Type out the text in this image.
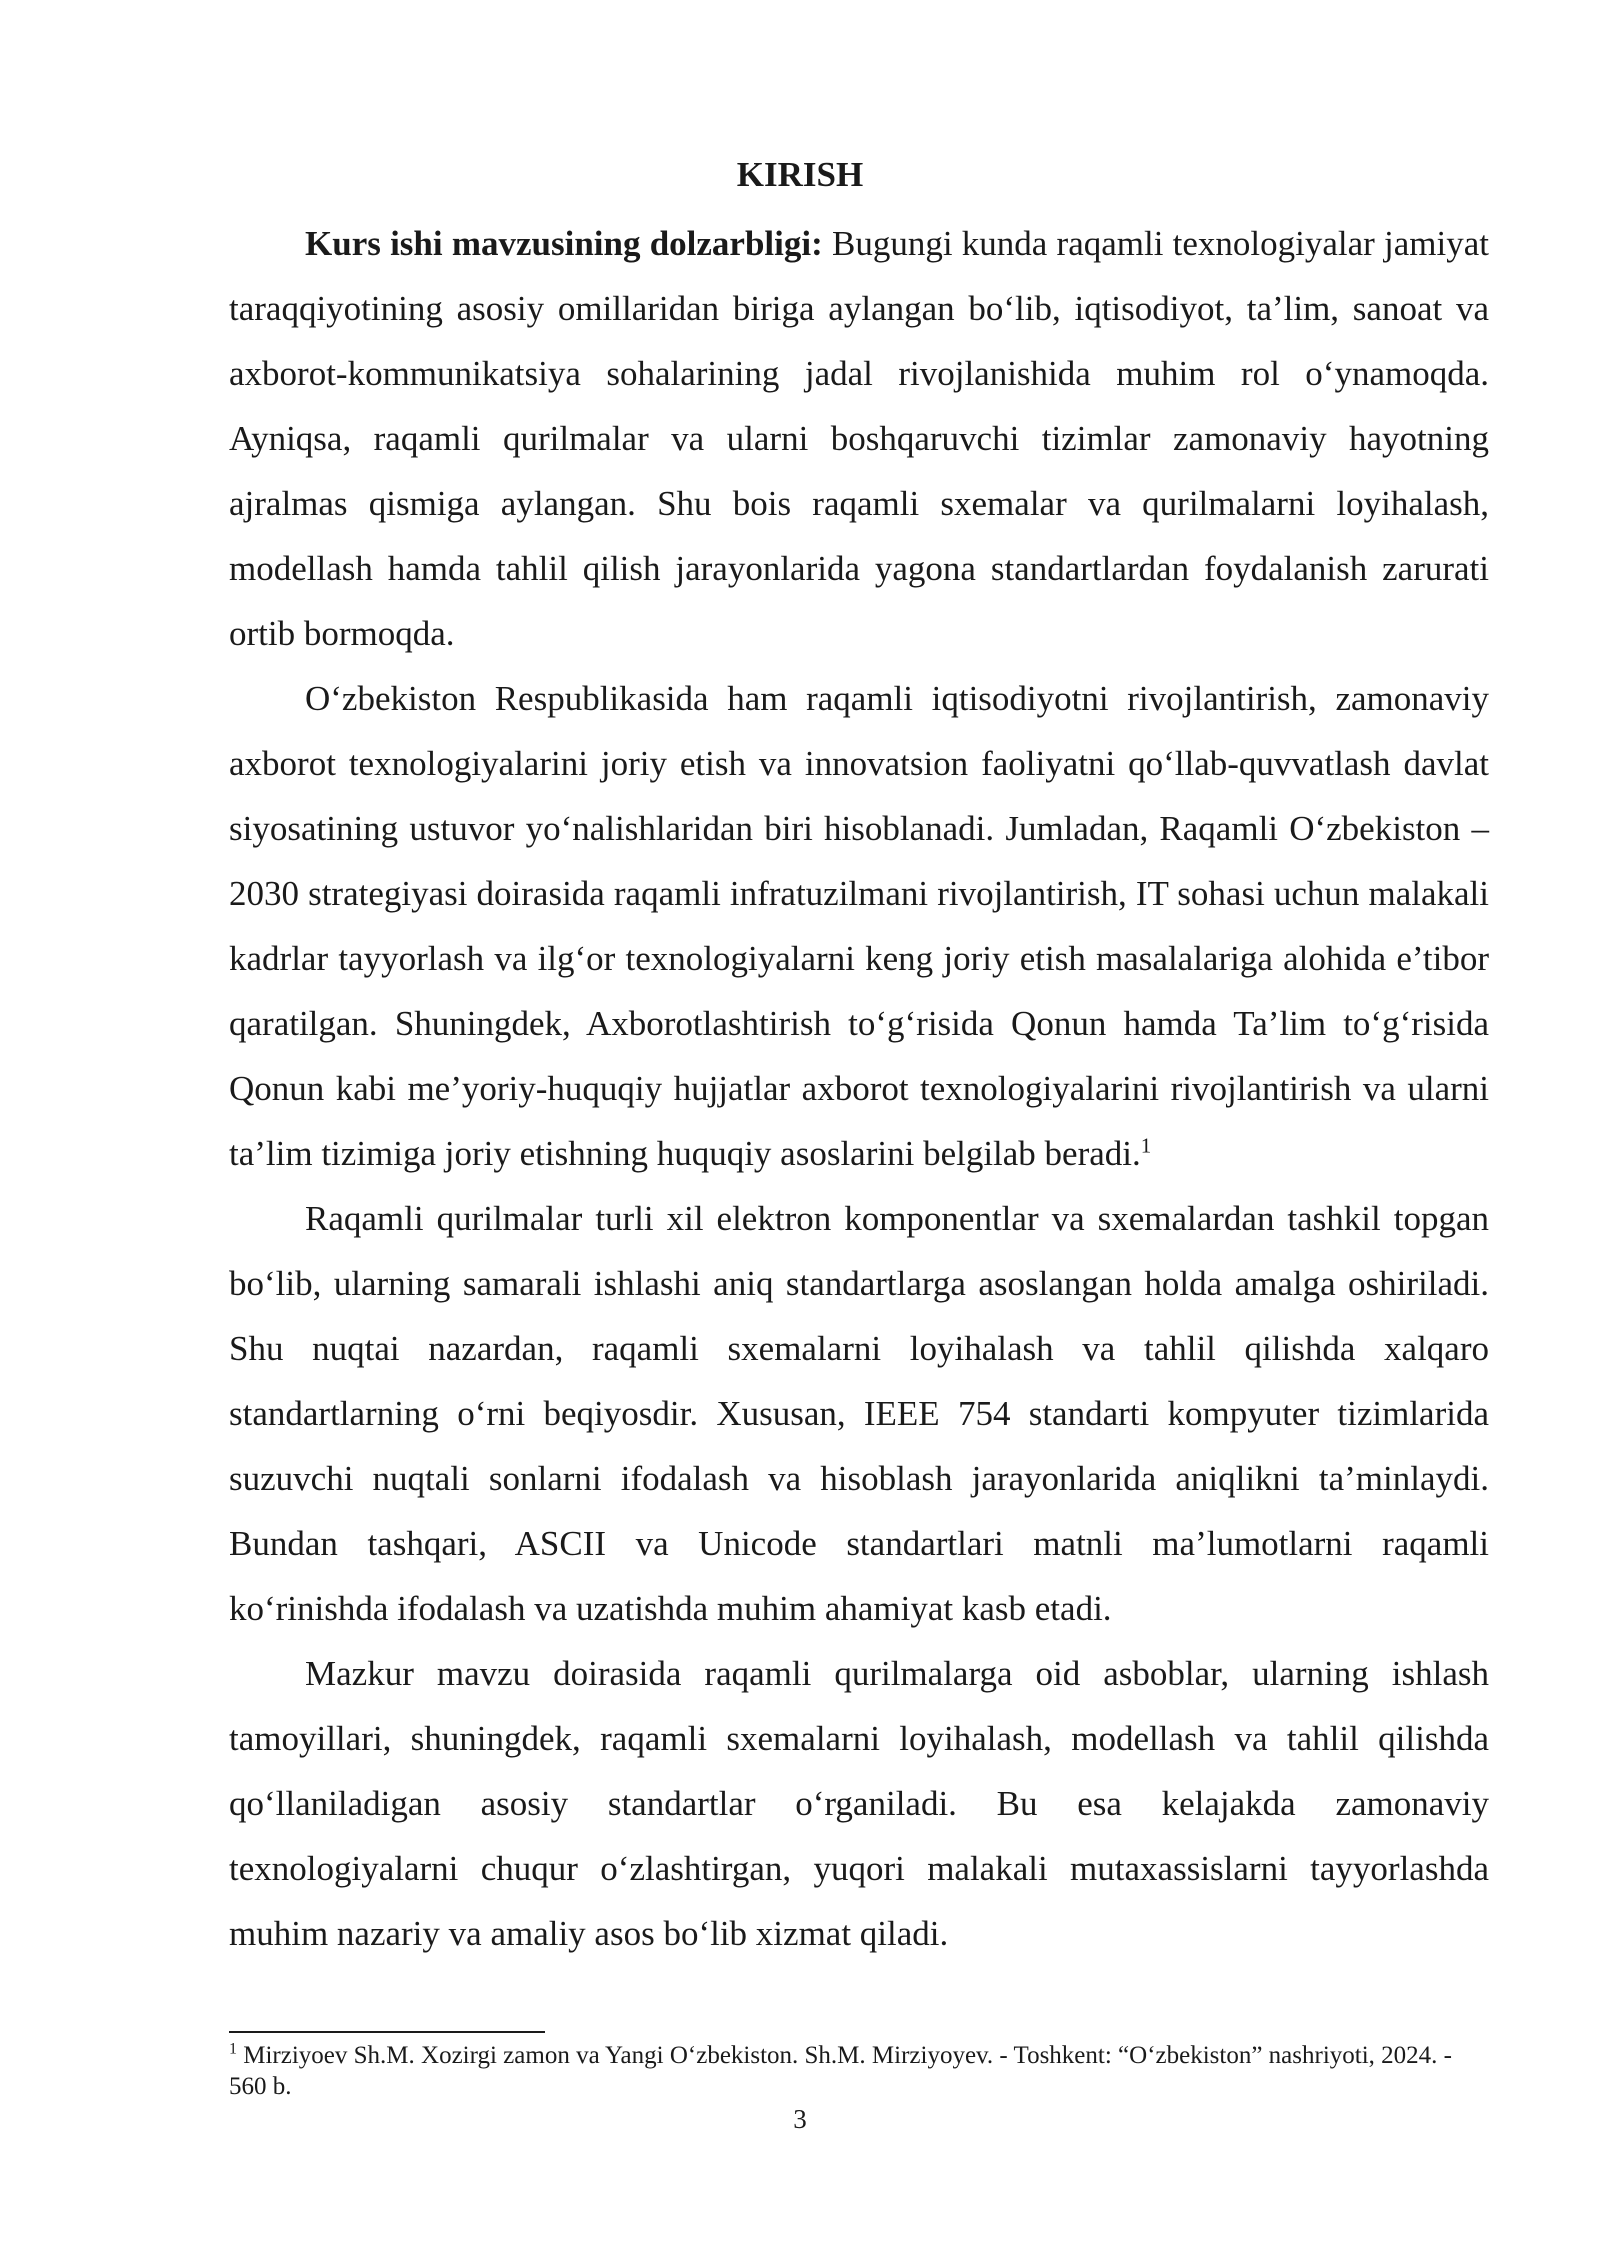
KIRISH

Kurs ishi mavzusining dolzarbligi: Bugungi kunda raqamli texnologiyalar jamiyat taraqqiyotining asosiy omillaridan biriga aylangan bo‘lib, iqtisodiyot, ta’lim, sanoat va axborot-kommunikatsiya sohalarining jadal rivojlanishida muhim rol o‘ynamoqda. Ayniqsa, raqamli qurilmalar va ularni boshqaruvchi tizimlar zamonaviy hayotning ajralmas qismiga aylangan. Shu bois raqamli sxemalar va qurilmalarni loyihalash, modellash hamda tahlil qilish jarayonlarida yagona standartlardan foydalanish zarurati ortib bormoqda.

O‘zbekiston Respublikasida ham raqamli iqtisodiyotni rivojlantirish, zamonaviy axborot texnologiyalarini joriy etish va innovatsion faoliyatni qo‘llab-quvvatlash davlat siyosatining ustuvor yo‘nalishlaridan biri hisoblanadi. Jumladan, Raqamli O‘zbekiston – 2030 strategiyasi doirasida raqamli infratuzilmani rivojlantirish, IT sohasi uchun malakali kadrlar tayyorlash va ilg‘or texnologiyalarni keng joriy etish masalalariga alohida e’tibor qaratilgan. Shuningdek, Axborotlashtirish to‘g‘risida Qonun hamda Ta’lim to‘g‘risida Qonun kabi me’yoriy-huquqiy hujjatlar axborot texnologiyalarini rivojlantirish va ularni ta’lim tizimiga joriy etishning huquqiy asoslarini belgilab beradi.$^1$

Raqamli qurilmalar turli xil elektron komponentlar va sxemalardan tashkil topgan bo‘lib, ularning samarali ishlashi aniq standartlarga asoslangan holda amalga oshiriladi. Shu nuqtai nazardan, raqamli sxemalarni loyihalash va tahlil qilishda xalqaro standartlarning o‘rni beqiyosdir. Xususan, IEEE 754 standarti kompyuter tizimlarida suzuvchi nuqtali sonlarni ifodalash va hisoblash jarayonlarida aniqlikni ta’minlaydi. Bundan tashqari, ASCII va Unicode standartlari matnli ma’lumotlarni raqamli ko‘rinishda ifodalash va uzatishda muhim ahamiyat kasb etadi.

Mazkur mavzu doirasida raqamli qurilmalarga oid asboblar, ularning ishlash tamoyillari, shuningdek, raqamli sxemalarni loyihalash, modellash va tahlil qilishda qo‘llaniladigan asosiy standartlar o‘rganiladi. Bu esa kelajakda zamonaviy texnologiyalarni chuqur o‘zlashtirgan, yuqori malakali mutaxassislarni tayyorlashda muhim nazariy va amaliy asos bo‘lib xizmat qiladi.

$^1$ Mirziyoev Sh.M. Xozirgi zamon va Yangi O‘zbekiston. Sh.M. Mirziyoyev. - Toshkent: “O‘zbekiston” nashriyoti, 2024. - 560 b.

3
